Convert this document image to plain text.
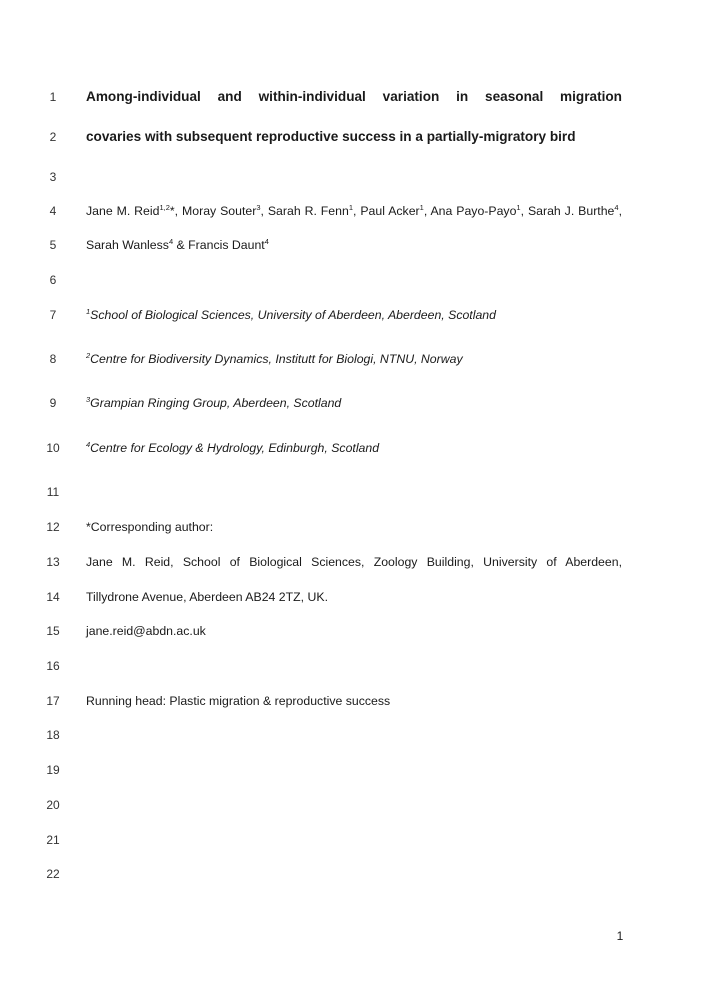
1	Among-individual and within-individual variation in seasonal migration
2	covaries with subsequent reproductive success in a partially-migratory bird
3
4	Jane M. Reid$^{1,2}$*, Moray Souter$^3$, Sarah R. Fenn$^1$, Paul Acker$^1$, Ana Payo-Payo$^1$, Sarah J. Burthe$^4$,
5	Sarah Wanless$^4$ & Francis Daunt$^4$
6
7	$^1$School of Biological Sciences, University of Aberdeen, Aberdeen, Scotland
8	$^2$Centre for Biodiversity Dynamics, Institutt for Biologi, NTNU, Norway
9	$^3$Grampian Ringing Group, Aberdeen, Scotland
10	$^4$Centre for Ecology & Hydrology, Edinburgh, Scotland
11
12	*Corresponding author:
13	Jane M. Reid, School of Biological Sciences, Zoology Building, University of Aberdeen,
14	Tillydrone Avenue, Aberdeen AB24 2TZ, UK.
15	jane.reid@abdn.ac.uk
16
17	Running head: Plastic migration & reproductive success
18
19
20
21
22
1
